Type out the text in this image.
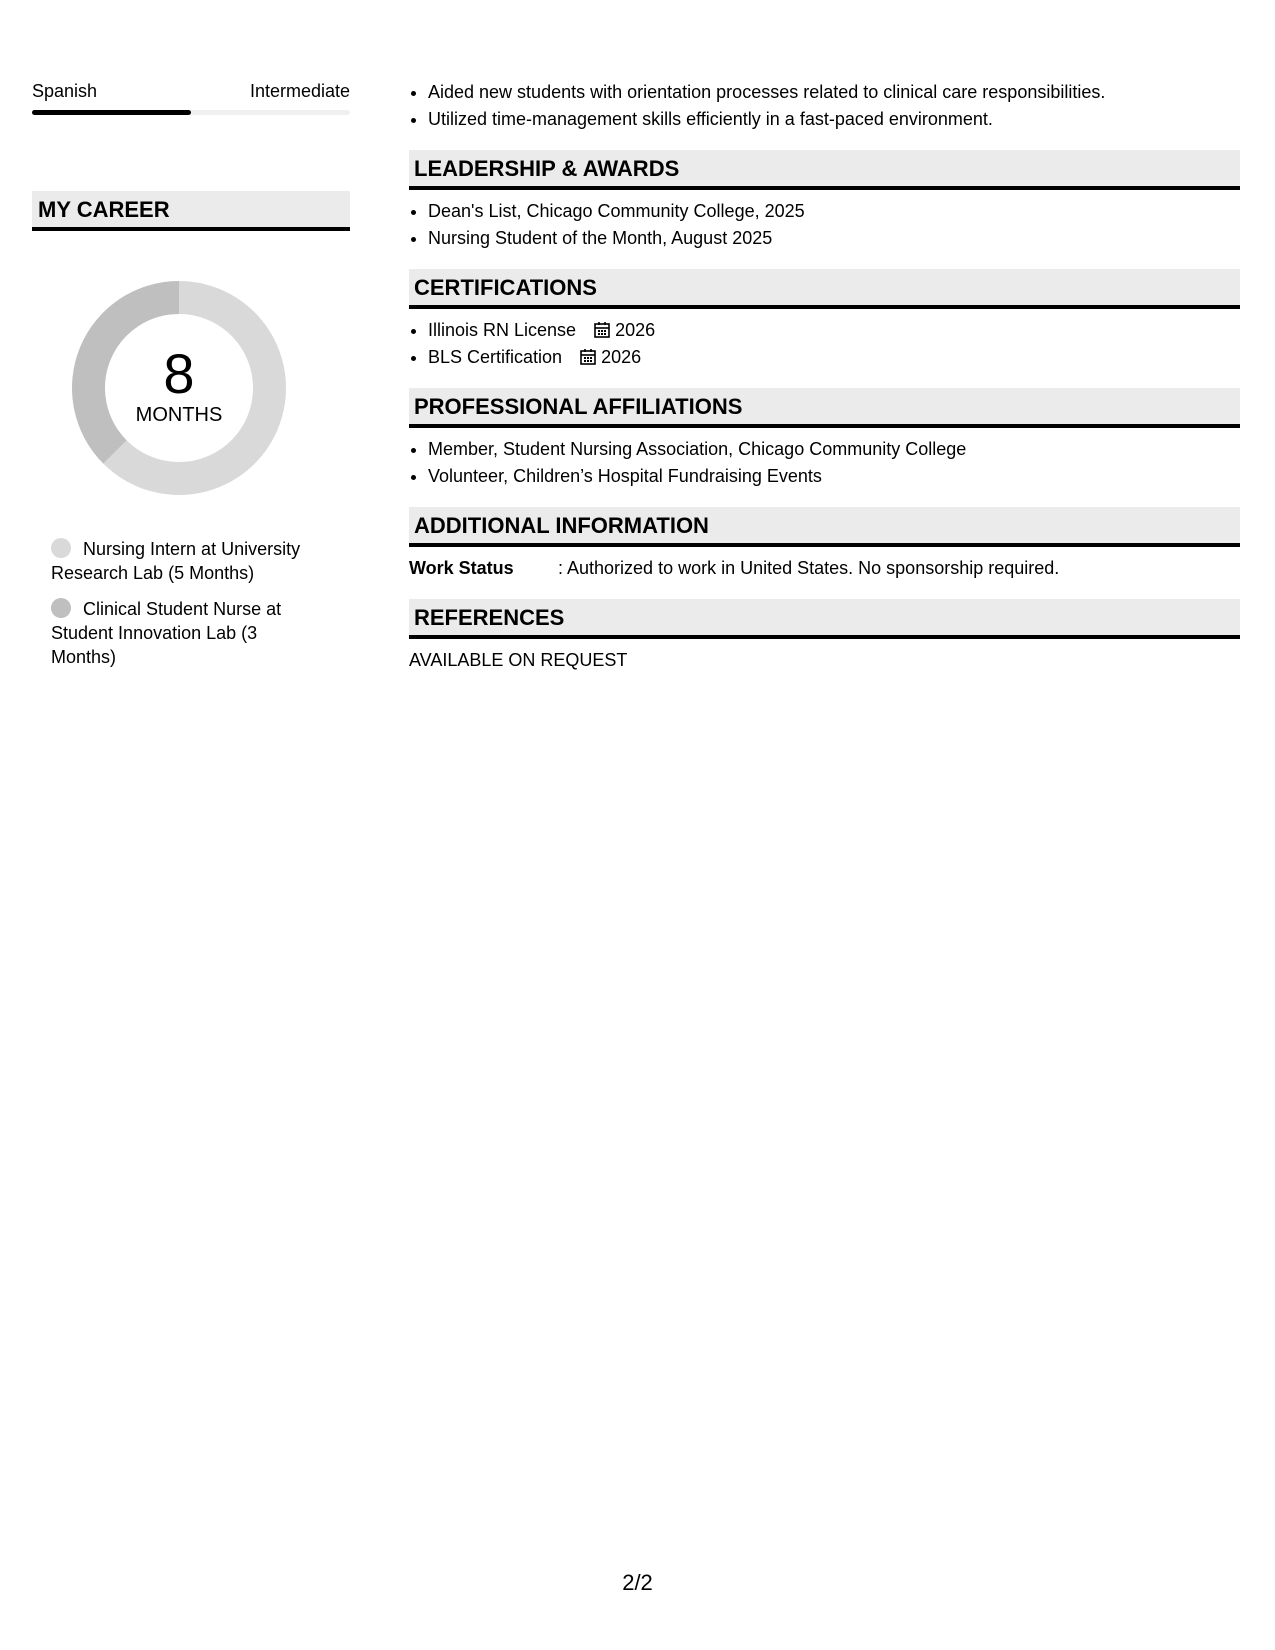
Spanish	Intermediate
MY CAREER
8
MONTHS
Nursing Intern at University Research Lab (5 Months)
Clinical Student Nurse at Student Innovation Lab (3 Months)
• Aided new students with orientation processes related to clinical care responsibilities.
• Utilized time-management skills efficiently in a fast-paced environment.
LEADERSHIP & AWARDS
• Dean's List, Chicago Community College, 2025
• Nursing Student of the Month, August 2025
CERTIFICATIONS
• Illinois RN License 2026
• BLS Certification 2026
PROFESSIONAL AFFILIATIONS
• Member, Student Nursing Association, Chicago Community College
• Volunteer, Children’s Hospital Fundraising Events
ADDITIONAL INFORMATION
Work Status	: Authorized to work in United States. No sponsorship required.
REFERENCES
AVAILABLE ON REQUEST
2/2
